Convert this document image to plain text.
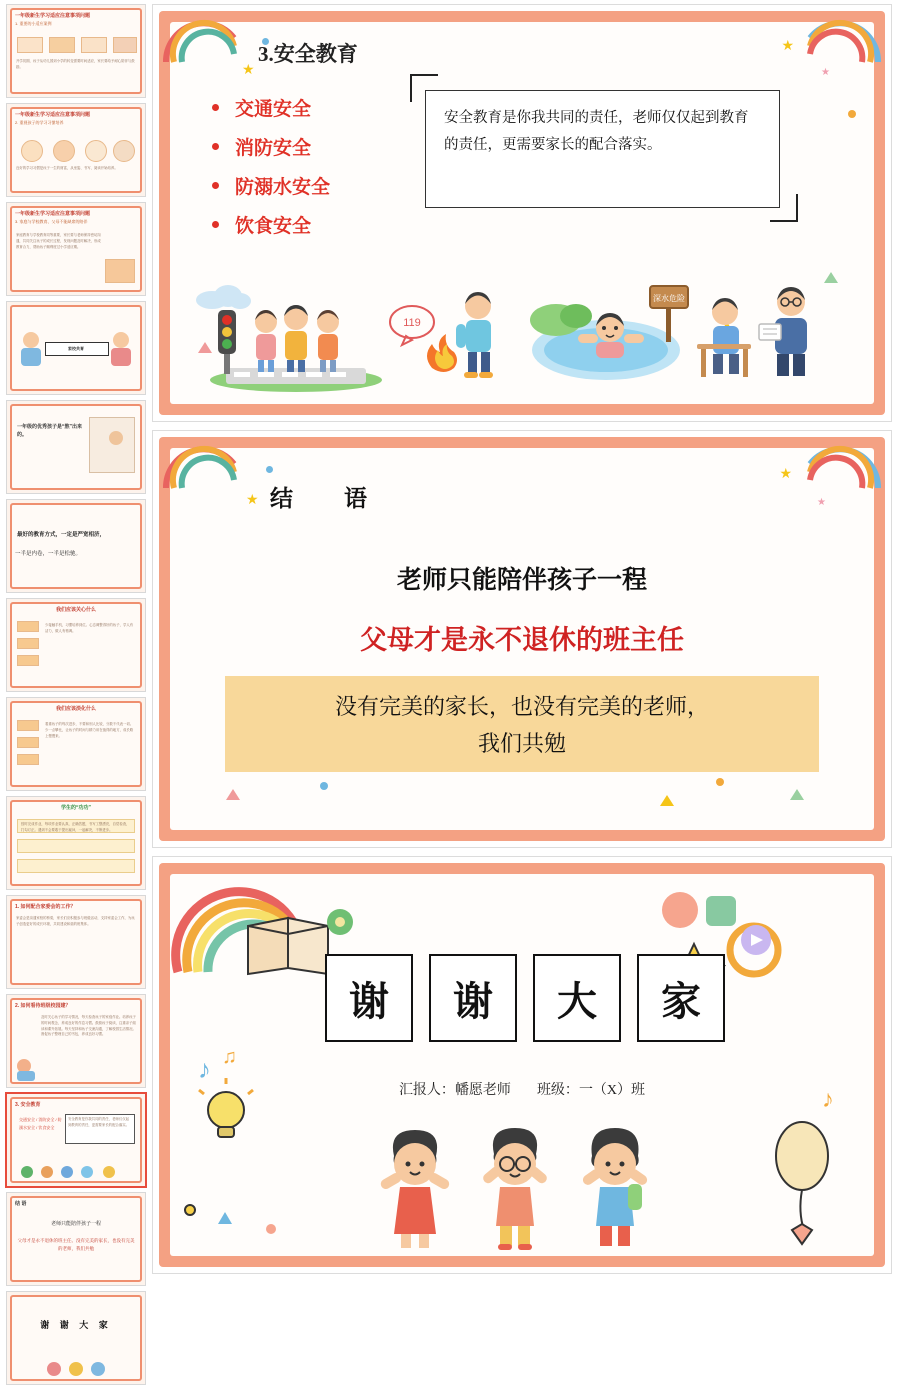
一年级新生学习适应注意事项问题
1. 重要的小适应案例
开学初期，孩子从幼儿园到小学的转变需要时间适应，家长要给予耐心陪伴与鼓励。
一年级新生学习适应注意事项问题
2. 重视孩子的学习习惯培养
良好的学习习惯是孩子一生的财富，从坐姿、书写、阅读开始培养。
一年级新生学习适应注意事项问题
3. 家庭与学校教育、父母不能缺席的陪伴
家庭教育与学校教育同等重要，家长要与老师保持密切沟通，共同关注孩子的成长过程，发现问题及时解决，形成教育合力，帮助孩子顺利度过小学适应期。
家校共育
一年级的优秀孩子是“熬”出来的。
最好的教育方式，一定是严宽相济，
一半是内卷，一半是松驰。
我们应该关心什么
少接触手机，习惯培养到位。心态调整得好的孩子，学人有活力，做人有格调。
我们应该淡化什么
看重孩子的每次进步，不要和别人比较，分数不代表一切。少一点攀比，让孩子的时间与精力用在值得的地方，成长路上慢慢来。
学生的“功功”
按时完成作业，每项作业要认真，正确答题，书写工整漂亮，自觉检查，打勾订正。遇到不会要敢于提出疑问，一起解决，不断进步。
1. 如何配合家委会的工作？
家委会是沟通家校的桥梁，家长们应积极参与班级活动，支持家委会工作，为孩子创造更好的成长环境，共同建设和谐的班集体。
2. 如何看待班级校园建？
及时关心孩子的学习情况，每天检查孩子的家庭作业。培养孩子的时间观念，养成良好的作息习惯。鼓励孩子阅读，注重亲子阅读和课外拓展。每天坚持和孩子交流沟通，了解校园生活情况。督促孩子整理自己的书包，养成良好习惯。
3. 安全教育
交通安全 / 消防安全 / 防溺水安全 / 饮食安全
安全教育是你我共同的责任，老师仅仅起到教育的责任，更需要家长的配合落实。
结 语
老师只能陪伴孩子一程
父母才是永不退休的班主任。没有完美的家长，也没有完美的老师，我们共勉
谢 谢 大 家
★
★
★
3.安全教育
交通安全
消防安全
防溺水安全
饮食安全
安全教育是你我共同的责任，老师仅仅起到教育的责任，更需要家长的配合落实。
119
深水危险
★
★
★
结　语
老师只能陪伴孩子一程
父母才是永不退休的班主任
没有完美的家长，也没有完美的老师，
我们共勉
♪ ♫
♪
谢	谢	大	家
汇报人：幡愿老师 班级：一（X）班
